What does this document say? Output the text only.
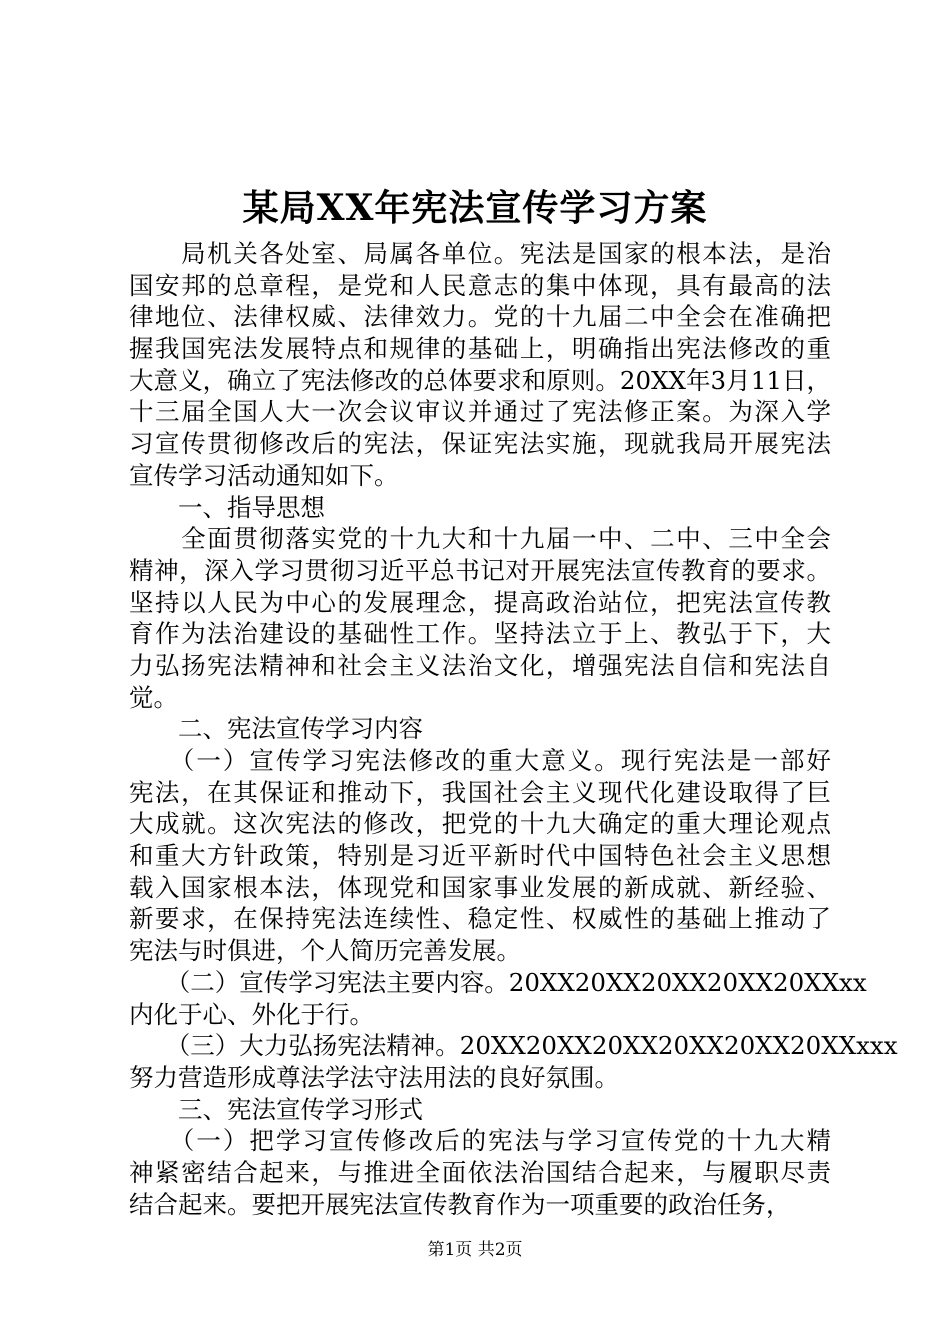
某局XX年宪法宣传学习方案
　　局机关各处室、局属各单位。宪法是国家的根本法，是治
国安邦的总章程，是党和人民意志的集中体现，具有最高的法
律地位、法律权威、法律效力。党的十九届二中全会在准确把
握我国宪法发展特点和规律的基础上，明确指出宪法修改的重
大意义，确立了宪法修改的总体要求和原则。20XX年3月11日，
十三届全国人大一次会议审议并通过了宪法修正案。为深入学
习宣传贯彻修改后的宪法，保证宪法实施，现就我局开展宪法
宣传学习活动通知如下。
　　一、指导思想
　　全面贯彻落实党的十九大和十九届一中、二中、三中全会
精神，深入学习贯彻习近平总书记对开展宪法宣传教育的要求。
坚持以人民为中心的发展理念，提高政治站位，把宪法宣传教
育作为法治建设的基础性工作。坚持法立于上、教弘于下，大
力弘扬宪法精神和社会主义法治文化，增强宪法自信和宪法自
觉。
　　二、宪法宣传学习内容
　　（一）宣传学习宪法修改的重大意义。现行宪法是一部好
宪法，在其保证和推动下，我国社会主义现代化建设取得了巨
大成就。这次宪法的修改，把党的十九大确定的重大理论观点
和重大方针政策，特别是习近平新时代中国特色社会主义思想
载入国家根本法，体现党和国家事业发展的新成就、新经验、
新要求，在保持宪法连续性、稳定性、权威性的基础上推动了
宪法与时俱进，个人简历完善发展。
　　（二）宣传学习宪法主要内容。20XX20XX20XX20XX20XXxx
内化于心、外化于行。
　　（三）大力弘扬宪法精神。20XX20XX20XX20XX20XX20XXxxx
努力营造形成尊法学法守法用法的良好氛围。
　　三、宪法宣传学习形式
　　（一）把学习宣传修改后的宪法与学习宣传党的十九大精
神紧密结合起来，与推进全面依法治国结合起来，与履职尽责
结合起来。要把开展宪法宣传教育作为一项重要的政治任务，
第1页 共2页
